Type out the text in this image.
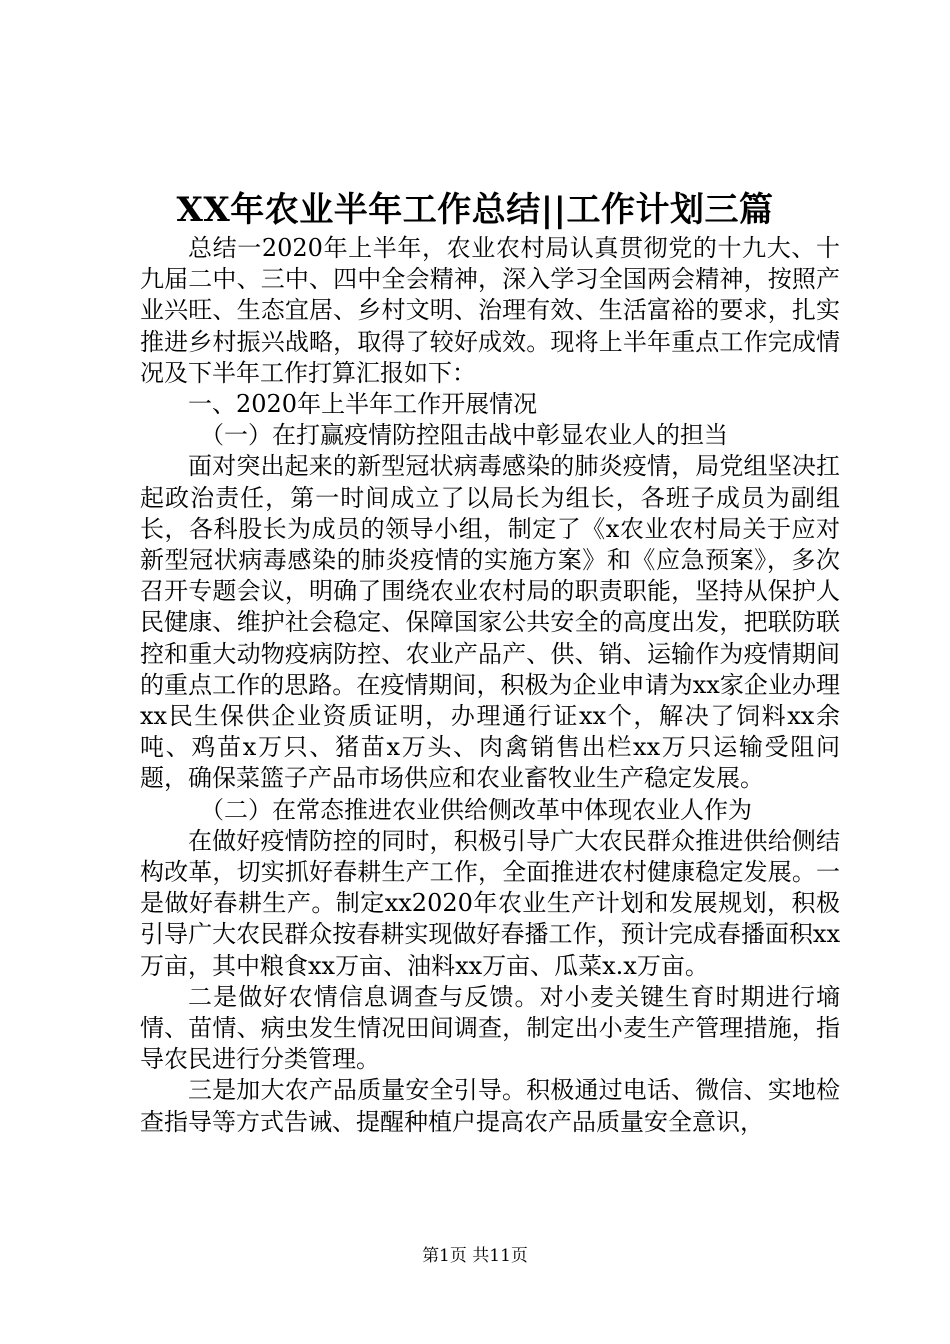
XX年农业半年工作总结||工作计划三篇

总结一2020年上半年，农业农村局认真贯彻党的十九大、十九届二中、三中、四中全会精神，深入学习全国两会精神，按照产业兴旺、生态宜居、乡村文明、治理有效、生活富裕的要求，扎实推进乡村振兴战略，取得了较好成效。现将上半年重点工作完成情况及下半年工作打算汇报如下：

一、2020年上半年工作开展情况

（一）在打赢疫情防控阻击战中彰显农业人的担当

面对突出起来的新型冠状病毒感染的肺炎疫情，局党组坚决扛起政治责任，第一时间成立了以局长为组长，各班子成员为副组长，各科股长为成员的领导小组，制定了《x农业农村局关于应对新型冠状病毒感染的肺炎疫情的实施方案》和《应急预案》，多次召开专题会议，明确了围绕农业农村局的职责职能，坚持从保护人民健康、维护社会稳定、保障国家公共安全的高度出发，把联防联控和重大动物疫病防控、农业产品产、供、销、运输作为疫情期间的重点工作的思路。在疫情期间，积极为企业申请为xx家企业办理xx民生保供企业资质证明，办理通行证xx个，解决了饲料xx余吨、鸡苗x万只、猪苗x万头、肉禽销售出栏xx万只运输受阻问题，确保菜篮子产品市场供应和农业畜牧业生产稳定发展。

（二）在常态推进农业供给侧改革中体现农业人作为

在做好疫情防控的同时，积极引导广大农民群众推进供给侧结构改革，切实抓好春耕生产工作，全面推进农村健康稳定发展。一是做好春耕生产。制定xx2020年农业生产计划和发展规划，积极引导广大农民群众按春耕实现做好春播工作，预计完成春播面积xx万亩，其中粮食xx万亩、油料xx万亩、瓜菜x.x万亩。

二是做好农情信息调查与反馈。对小麦关键生育时期进行墒情、苗情、病虫发生情况田间调查，制定出小麦生产管理措施，指导农民进行分类管理。

三是加大农产品质量安全引导。积极通过电话、微信、实地检查指导等方式告诫、提醒种植户提高农产品质量安全意识，

第1页 共11页
